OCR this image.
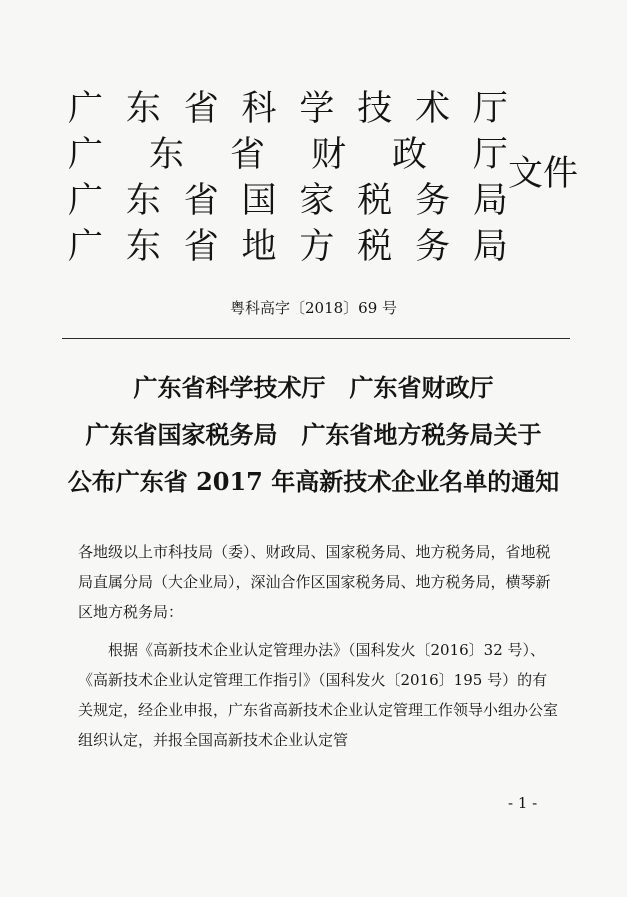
广 东 省 科 学 技 术 厅
广 东 省 财 政 厅
广 东 省 国 家 税 务 局
广 东 省 地 方 税 务 局
文件
粤科高字〔2018〕69 号
广东省科学技术厅　广东省财政厅
广东省国家税务局　广东省地方税务局关于
公布广东省 2017 年高新技术企业名单的通知
各地级以上市科技局（委）、财政局、国家税务局、地方税务局，省地税局直属分局（大企业局），深汕合作区国家税务局、地方税务局，横琴新区地方税务局：
根据《高新技术企业认定管理办法》（国科发火〔2016〕32 号）、《高新技术企业认定管理工作指引》（国科发火〔2016〕195 号）的有关规定，经企业申报，广东省高新技术企业认定管理工作领导小组办公室组织认定，并报全国高新技术企业认定管
- 1 -
